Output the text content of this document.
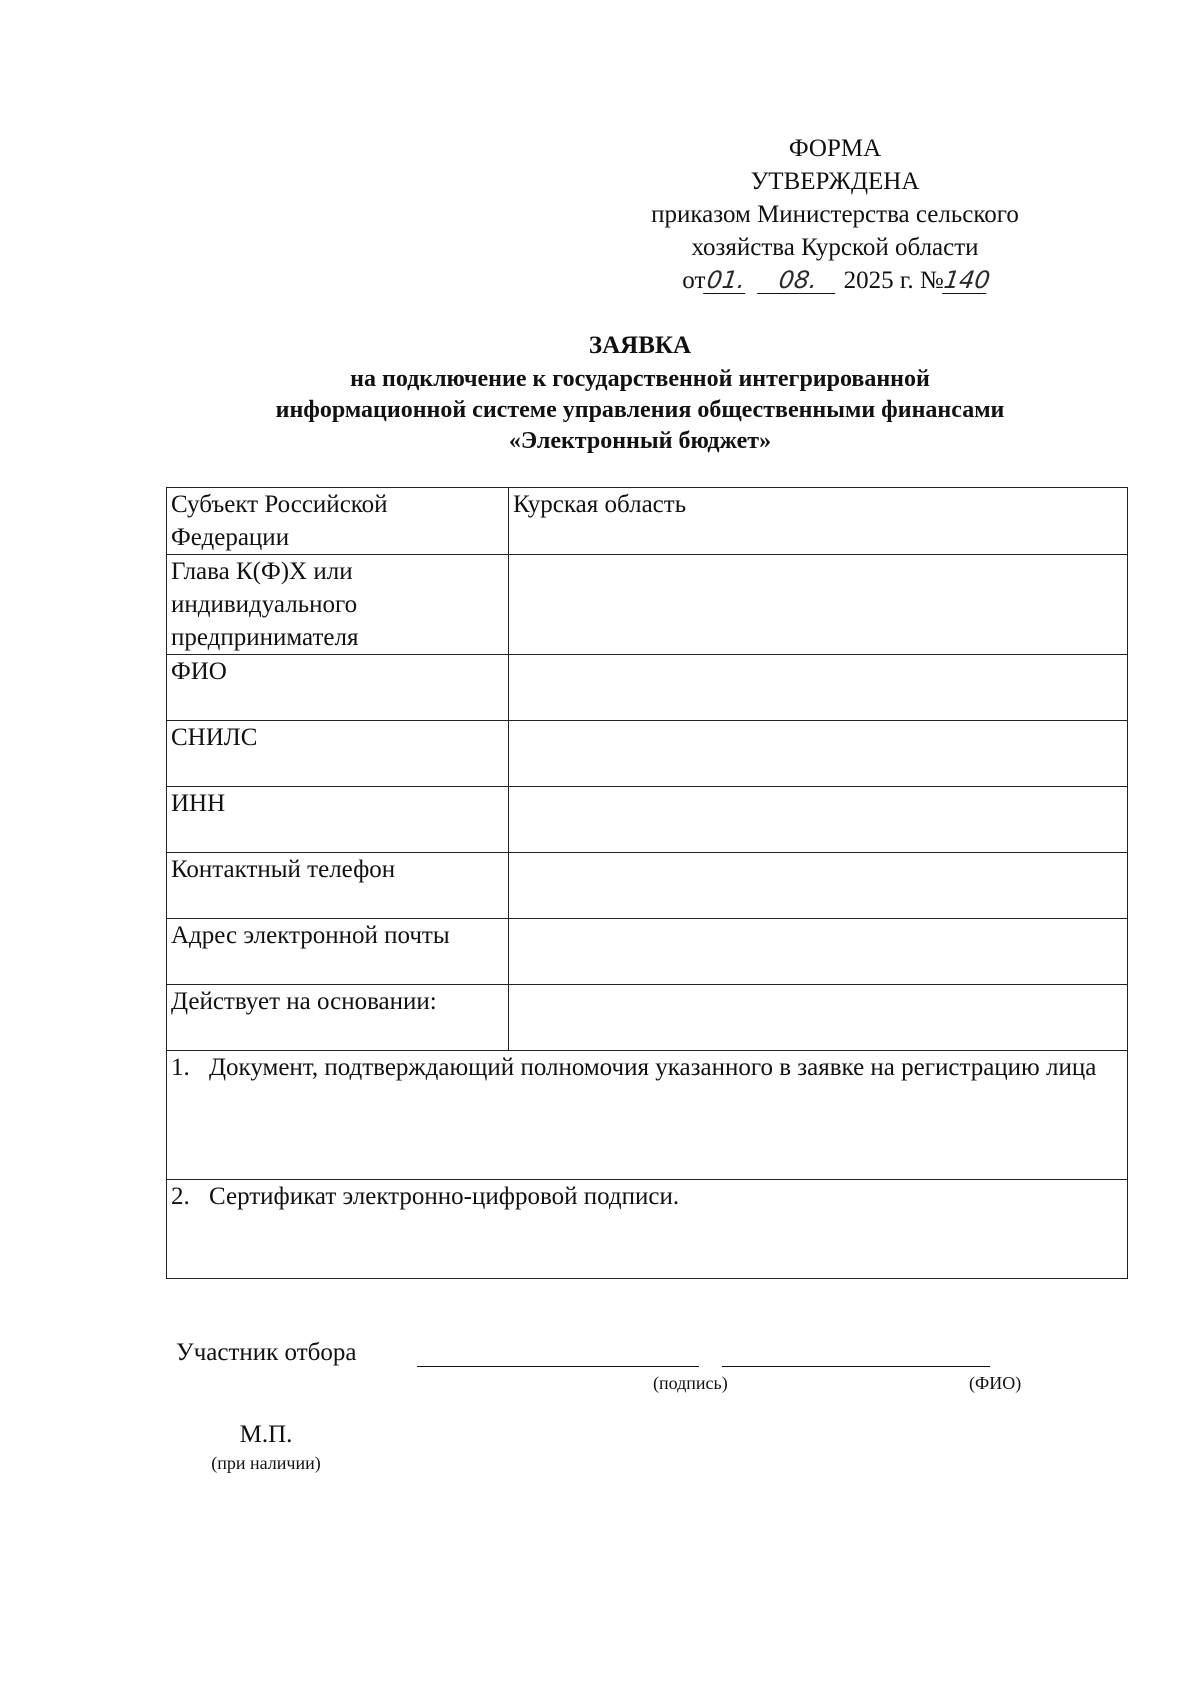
ФОРМА
УТВЕРЖДЕНА
приказом Министерства сельского
хозяйства Курской области
от01. 08. 2025 г. №140
ЗАЯВКА
на подключение к государственной интегрированной
информационной системе управления общественными финансами
«Электронный бюджет»
Субъект Российской Федерации	Курская область
Глава К(Ф)Х или индивидуального предпринимателя	
ФИО	
СНИЛС	
ИНН	
Контактный телефон	
Адрес электронной почты	
Действует на основании:	

1. Документ, подтверждающий полномочия указанного в заявке на регистрацию лица	

2. Сертификат электронно-цифровой подписи.	
Участник отбора
(подпись)	(ФИО)
М.П.
(при наличии)
